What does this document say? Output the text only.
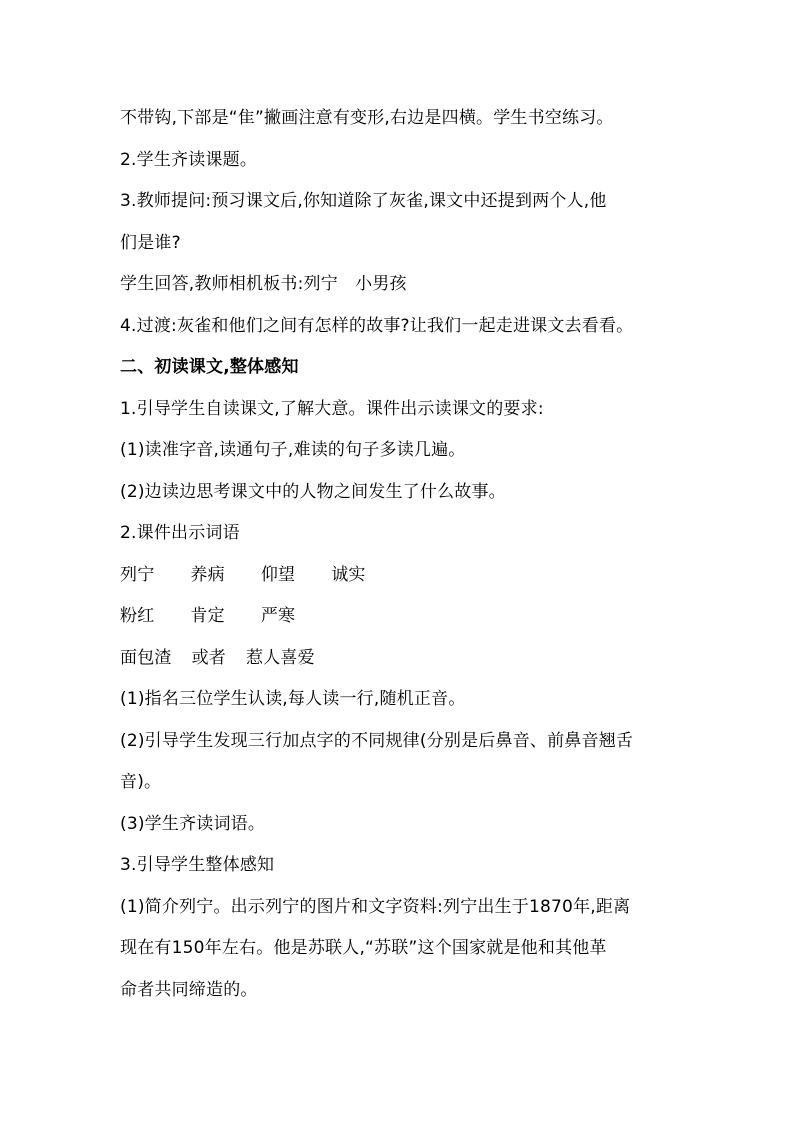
不带钩,下部是“隹”撇画注意有变形,右边是四横。学生书空练习。
2.学生齐读课题。
3.教师提问:预习课文后,你知道除了灰雀,课文中还提到两个人,他
们是谁?
学生回答,教师相机板书:列宁　小男孩
4.过渡:灰雀和他们之间有怎样的故事?让我们一起走进课文去看看。
二、初读课文,整体感知
1.引导学生自读课文,了解大意。课件出示读课文的要求:
(1)读准字音,读通句子,难读的句子多读几遍。
(2)边读边思考课文中的人物之间发生了什么故事。
2.课件出示词语
列宁 养病 仰望 诚实
粉红 肯定 严寒
面包渣 或者 惹人喜爱
(1)指名三位学生认读,每人读一行,随机正音。
(2)引导学生发现三行加点字的不同规律(分别是后鼻音、前鼻音翘舌
音)。
(3)学生齐读词语。
3.引导学生整体感知
(1)简介列宁。出示列宁的图片和文字资料:列宁出生于1870年,距离
现在有150年左右。他是苏联人,“苏联”这个国家就是他和其他革
命者共同缔造的。
